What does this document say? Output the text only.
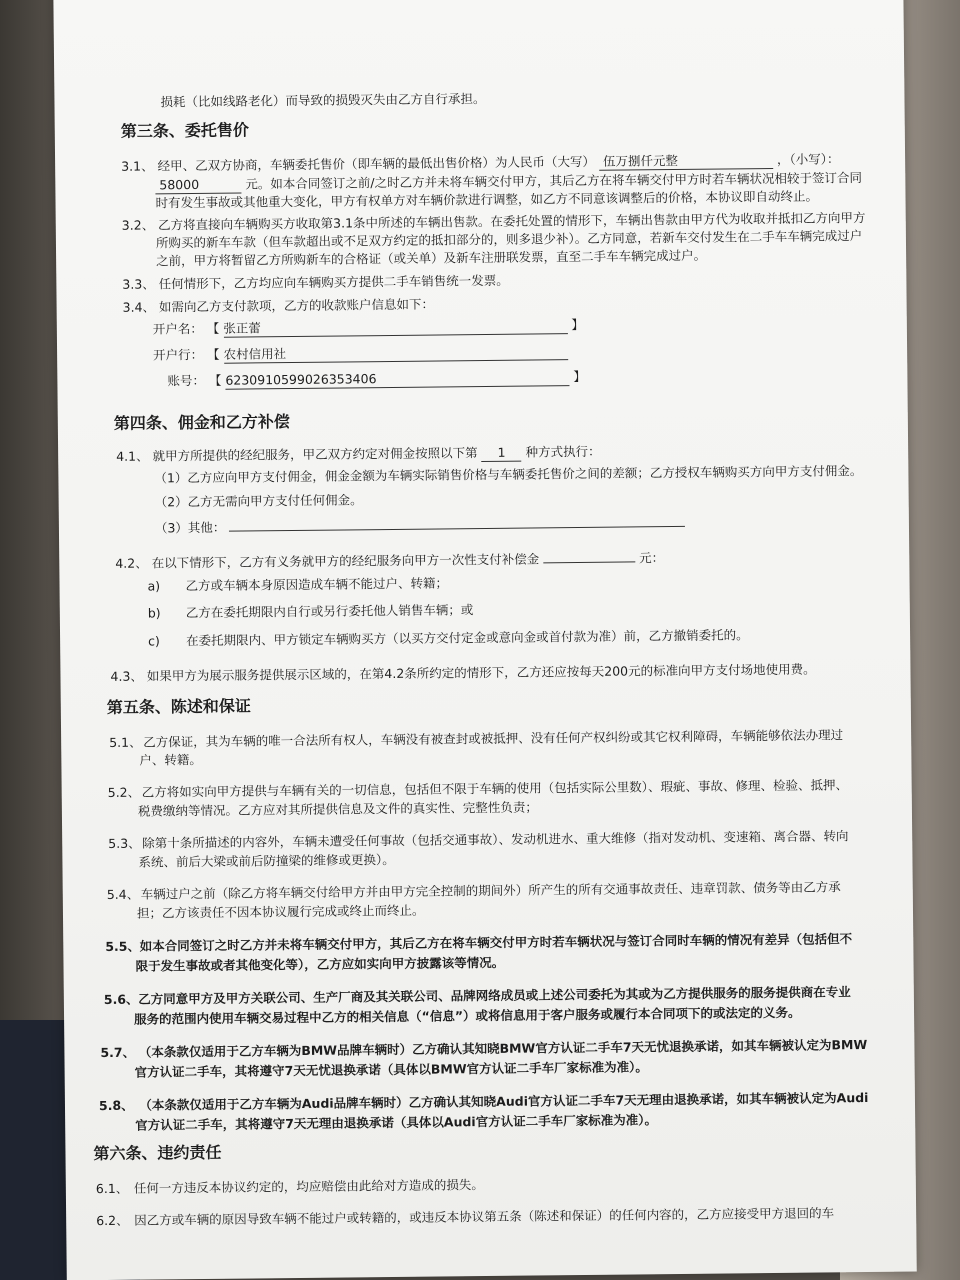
损耗（比如线路老化）而导致的损毁灭失由乙方自行承担。
第三条、委托售价
3.1、 经甲、乙双方协商，车辆委托售价（即车辆的最低出售价格）为人民币（大写） 伍万捌仟元整	，（小写）：
58000	元。如本合同签订之前/之时乙方并未将车辆交付甲方，其后乙方在将车辆交付甲方时若车辆状况相较于签订合同
时有发生事故或其他重大变化，甲方有权单方对车辆价款进行调整，如乙方不同意该调整后的价格，本协议即自动终止。
3.2、 乙方将直接向车辆购买方收取第3.1条中所述的车辆出售款。在委托处置的情形下，车辆出售款由甲方代为收取并抵扣乙方向甲方
所购买的新车车款（但车款超出或不足双方约定的抵扣部分的，则多退少补）。乙方同意，若新车交付发生在二手车车辆完成过户
之前，甲方将暂留乙方所购新车的合格证（或关单）及新车注册联发票，直至二手车车辆完成过户。
3.3、 任何情形下，乙方均应向车辆购买方提供二手车销售统一发票。
3.4、 如需向乙方支付款项，乙方的收款账户信息如下：
开户名： 【 张正蕾	】
开户行： 【 农村信用社
账号： 【 6230910599026353406	】
第四条、佣金和乙方补偿
4.1、 就甲方所提供的经纪服务，甲乙双方约定对佣金按照以下第 1 种方式执行：
（1）乙方应向甲方支付佣金，佣金金额为车辆实际销售价格与车辆委托售价之间的差额；乙方授权车辆购买方向甲方支付佣金。
（2）乙方无需向甲方支付任何佣金。
（3）其他：
4.2、 在以下情形下，乙方有义务就甲方的经纪服务向甲方一次性支付补偿金	元：
a) 乙方或车辆本身原因造成车辆不能过户、转籍；
b) 乙方在委托期限内自行或另行委托他人销售车辆；或
c) 在委托期限内、甲方锁定车辆购买方（以买方交付定金或意向金或首付款为准）前，乙方撤销委托的。
4.3、 如果甲方为展示服务提供展示区域的，在第4.2条所约定的情形下，乙方还应按每天200元的标准向甲方支付场地使用费。
第五条、陈述和保证
5.1、 乙方保证，其为车辆的唯一合法所有权人，车辆没有被查封或被抵押、没有任何产权纠纷或其它权利障碍，车辆能够依法办理过
户、转籍。
5.2、 乙方将如实向甲方提供与车辆有关的一切信息，包括但不限于车辆的使用（包括实际公里数）、瑕疵、事故、修理、检验、抵押、
税费缴纳等情况。乙方应对其所提供信息及文件的真实性、完整性负责；
5.3、 除第十条所描述的内容外，车辆未遭受任何事故（包括交通事故）、发动机进水、重大维修（指对发动机、变速箱、离合器、转向
系统、前后大梁或前后防撞梁的维修或更换）。
5.4、 车辆过户之前（除乙方将车辆交付给甲方并由甲方完全控制的期间外）所产生的所有交通事故责任、违章罚款、债务等由乙方承
担；乙方该责任不因本协议履行完成或终止而终止。
5.5、 如本合同签订之时乙方并未将车辆交付甲方，其后乙方在将车辆交付甲方时若车辆状况与签订合同时车辆的情况有差异（包括但不
限于发生事故或者其他变化等），乙方应如实向甲方披露该等情况。
5.6、 乙方同意甲方及甲方关联公司、生产厂商及其关联公司、品牌网络成员或上述公司委托为其或为乙方提供服务的服务提供商在专业
服务的范围内使用车辆交易过程中乙方的相关信息（“信息”）或将信息用于客户服务或履行本合同项下的或法定的义务。
5.7、 （本条款仅适用于乙方车辆为BMW品牌车辆时）乙方确认其知晓BMW官方认证二手车7天无忧退换承诺，如其车辆被认定为BMW
官方认证二手车，其将遵守7天无忧退换承诺（具体以BMW官方认证二手车厂家标准为准）。
5.8、 （本条款仅适用于乙方车辆为Audi品牌车辆时）乙方确认其知晓Audi官方认证二手车7天无理由退换承诺，如其车辆被认定为Audi
官方认证二手车，其将遵守7天无理由退换承诺（具体以Audi官方认证二手车厂家标准为准）。
第六条、违约责任
6.1、 任何一方违反本协议约定的，均应赔偿由此给对方造成的损失。
6.2、 因乙方或车辆的原因导致车辆不能过户或转籍的，或违反本协议第五条（陈述和保证）的任何内容的，乙方应接受甲方退回的车
